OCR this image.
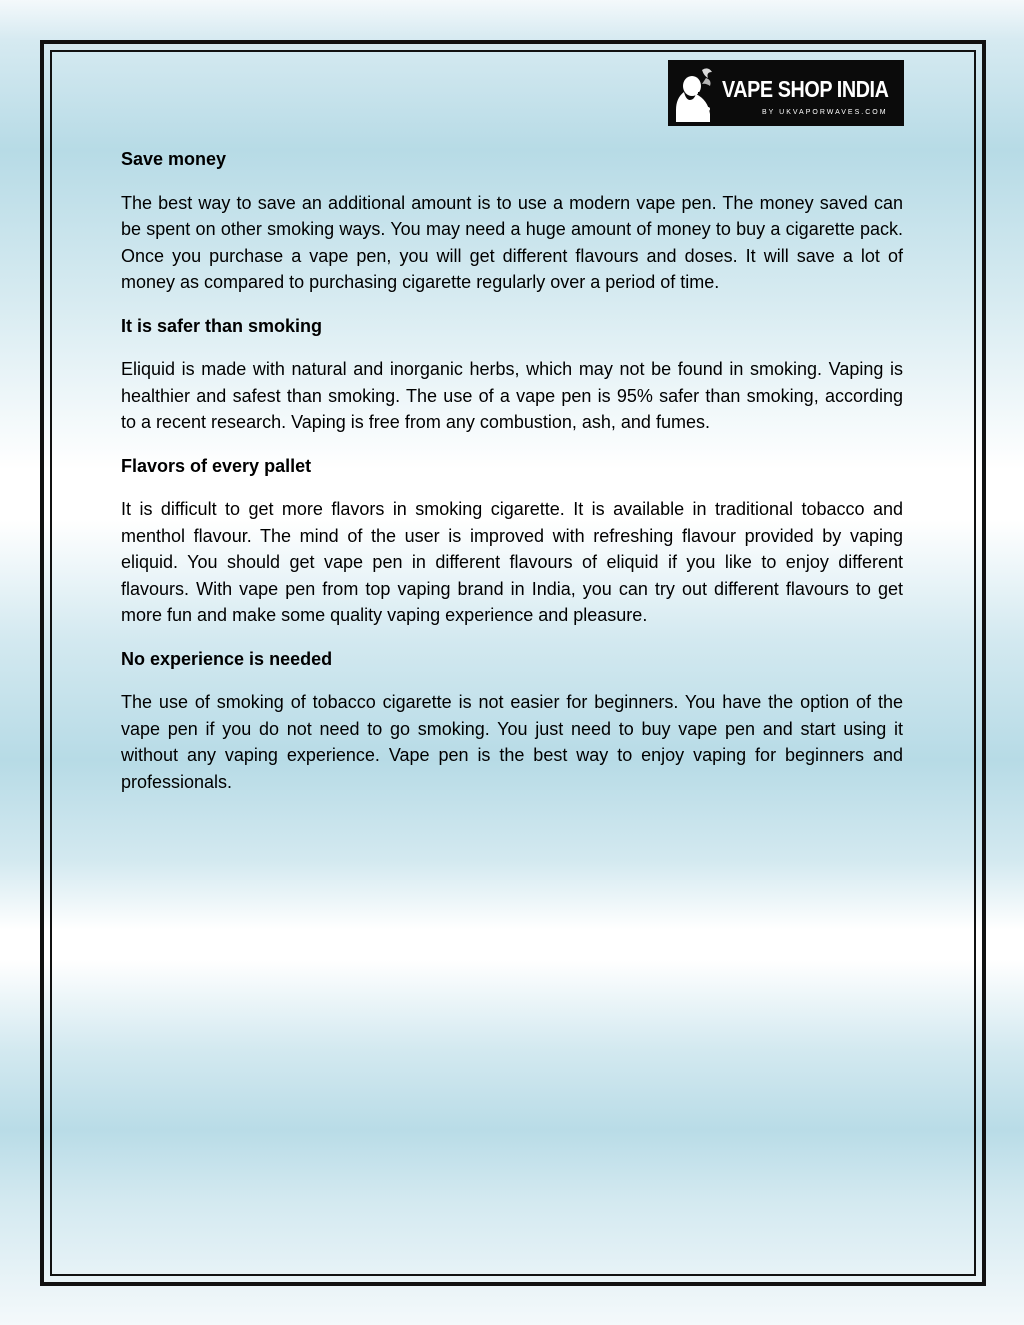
VAPE SHOP INDIA
BY UKVAPORWAVES.COM
Save money

The best way to save an additional amount is to use a modern vape pen. The money saved can be spent on other smoking ways. You may need a huge amount of money to buy a cigarette pack. Once you purchase a vape pen, you will get different flavours and doses. It will save a lot of money as compared to purchasing cigarette regularly over a period of time.

It is safer than smoking

Eliquid is made with natural and inorganic herbs, which may not be found in smoking. Vaping is healthier and safest than smoking. The use of a vape pen is 95% safer than smoking, according to a recent research. Vaping is free from any combustion, ash, and fumes.

Flavors of every pallet

It is difficult to get more flavors in smoking cigarette. It is available in traditional tobacco and menthol flavour. The mind of the user is improved with refreshing flavour provided by vaping eliquid. You should get vape pen in different flavours of eliquid if you like to enjoy different flavours. With vape pen from top vaping brand in India, you can try out different flavours to get more fun and make some quality vaping experience and pleasure.

No experience is needed

The use of smoking of tobacco cigarette is not easier for beginners. You have the option of the vape pen if you do not need to go smoking. You just need to buy vape pen and start using it without any vaping experience. Vape pen is the best way to enjoy vaping for beginners and professionals.
